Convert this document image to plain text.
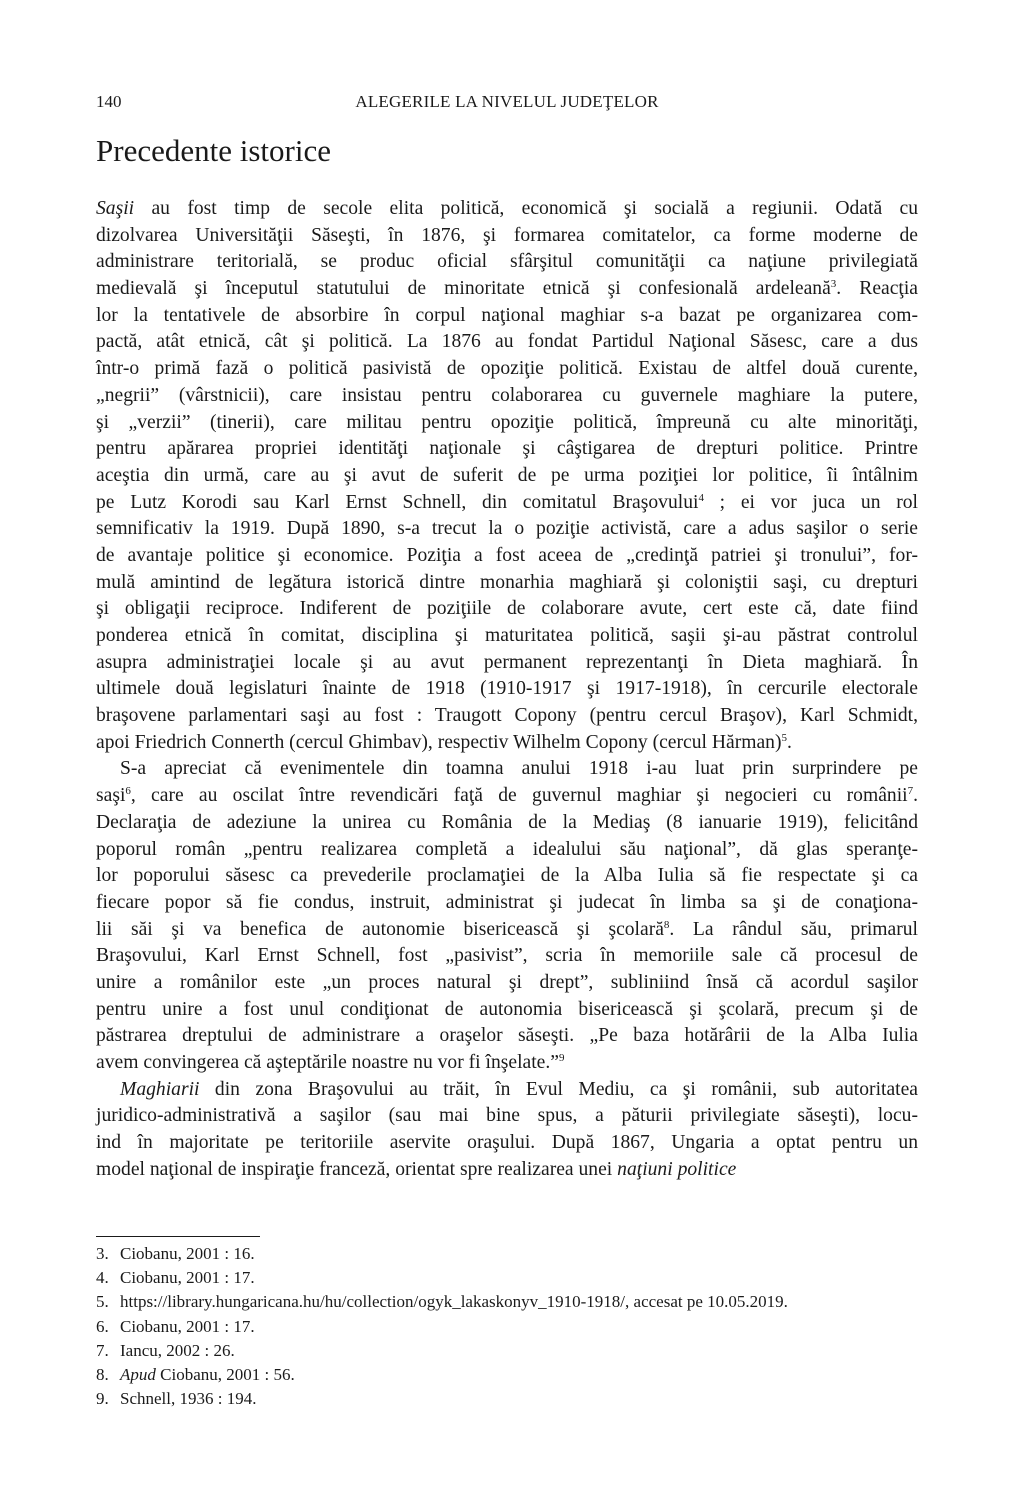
140	ALEGERILE LA NIVELUL JUDEŢELOR
Precedente istorice
Saşii au fost timp de secole elita politică, economică şi socială a regiunii. Odată cu
dizolvarea Universităţii Săseşti, în 1876, şi formarea comitatelor, ca forme moderne de
administrare teritorială, se produc oficial sfârşitul comunităţii ca naţiune privilegiată
medievală şi începutul statutului de minoritate etnică şi confesională ardeleană$^3$. Reacţia
lor la tentativele de absorbire în corpul naţional maghiar s-a bazat pe organizarea com-
pactă, atât etnică, cât şi politică. La 1876 au fondat Partidul Naţional Săsesc, care a dus
într-o primă fază o politică pasivistă de opoziţie politică. Existau de altfel două curente,
„negrii” (vârstnicii), care insistau pentru colaborarea cu guvernele maghiare la putere,
şi „verzii” (tinerii), care militau pentru opoziţie politică, împreună cu alte minorităţi,
pentru apărarea propriei identităţi naţionale şi câştigarea de drepturi politice. Printre
aceştia din urmă, care au şi avut de suferit de pe urma poziţiei lor politice, îi întâlnim
pe Lutz Korodi sau Karl Ernst Schnell, din comitatul Braşovului$^4$ ; ei vor juca un rol
semnificativ la 1919. După 1890, s-a trecut la o poziţie activistă, care a adus saşilor o serie
de avantaje politice şi economice. Poziţia a fost aceea de „credinţă patriei şi tronului”, for-
mulă amintind de legătura istorică dintre monarhia maghiară şi coloniştii saşi, cu drepturi
şi obligaţii reciproce. Indiferent de poziţiile de colaborare avute, cert este că, date fiind
ponderea etnică în comitat, disciplina şi maturitatea politică, saşii şi-au păstrat controlul
asupra administraţiei locale şi au avut permanent reprezentanţi în Dieta maghiară. În
ultimele două legislaturi înainte de 1918 (1910-1917 şi 1917-1918), în cercurile electorale
braşovene parlamentari saşi au fost : Traugott Copony (pentru cercul Braşov), Karl Schmidt,
apoi Friedrich Connerth (cercul Ghimbav), respectiv Wilhelm Copony (cercul Hărman)$^5$.
S-a apreciat că evenimentele din toamna anului 1918 i-au luat prin surprindere pe
saşi$^6$, care au oscilat între revendicări faţă de guvernul maghiar şi negocieri cu românii$^7$.
Declaraţia de adeziune la unirea cu România de la Mediaş (8 ianuarie 1919), felicitând
poporul român „pentru realizarea completă a idealului său naţional”, dă glas speranţe-
lor poporului săsesc ca prevederile proclamaţiei de la Alba Iulia să fie respectate şi ca
fiecare popor să fie condus, instruit, administrat şi judecat în limba sa şi de conaţiona-
lii săi şi va benefica de autonomie bisericească şi şcolară$^8$. La rândul său, primarul
Braşovului, Karl Ernst Schnell, fost „pasivist”, scria în memoriile sale că procesul de
unire a românilor este „un proces natural şi drept”, subliniind însă că acordul saşilor
pentru unire a fost unul condiţionat de autonomia bisericească şi şcolară, precum şi de
păstrarea dreptului de administrare a oraşelor săseşti. „Pe baza hotărârii de la Alba Iulia
avem convingerea că aşteptările noastre nu vor fi înşelate.”$^9$
Maghiarii din zona Braşovului au trăit, în Evul Mediu, ca şi românii, sub autoritatea
juridico-administrativă a saşilor (sau mai bine spus, a păturii privilegiate săseşti), locu-
ind în majoritate pe teritoriile aservite oraşului. După 1867, Ungaria a optat pentru un
model naţional de inspiraţie franceză, orientat spre realizarea unei naţiuni politice
3. Ciobanu, 2001 : 16.
4. Ciobanu, 2001 : 17.
5. https://library.hungaricana.hu/hu/collection/ogyk_lakaskonyv_1910-1918/, accesat pe 10.05.2019.
6. Ciobanu, 2001 : 17.
7. Iancu, 2002 : 26.
8. Apud Ciobanu, 2001 : 56.
9. Schnell, 1936 : 194.
